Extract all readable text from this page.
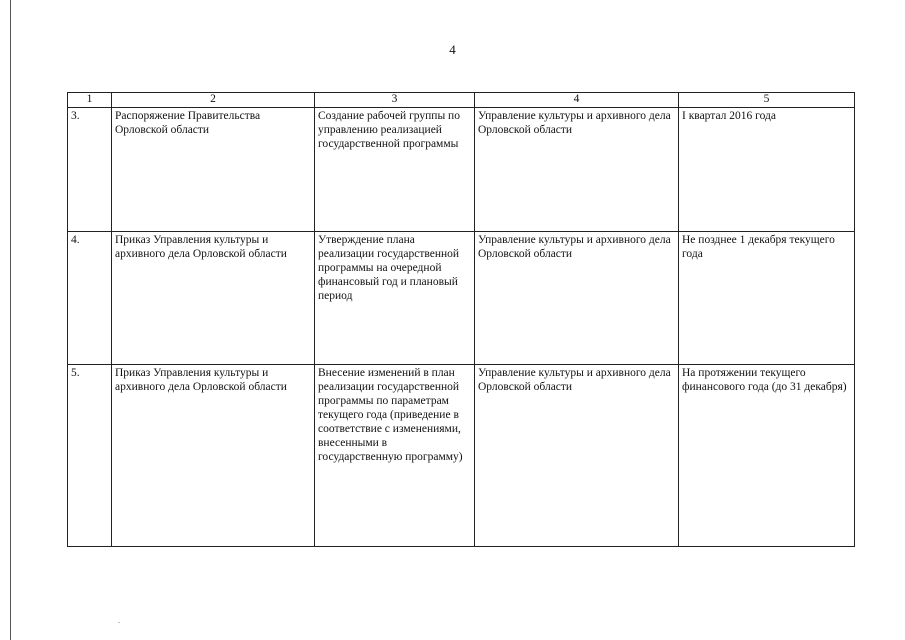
4
1	2	3	4	5
3.	Распоряжение Правительства Орловской области	Создание рабочей группы по управлению реализацией государственной программы	Управление культуры и архивного дела Орловской области	I квартал 2016 года
4.	Приказ Управления культуры и архивного дела Орловской области	Утверждение плана реализации государственной программы на очередной финансовый год и плановый период	Управление культуры и архивного дела Орловской области	Не позднее 1 декабря текущего года
5.	Приказ Управления культуры и архивного дела Орловской области	Внесение изменений в план реализации государственной программы по параметрам текущего года (приведение в соответствие с изменениями, внесенными в государственную программу)	Управление культуры и архивного дела Орловской области	На протяжении текущего финансового года (до 31 декабря)
